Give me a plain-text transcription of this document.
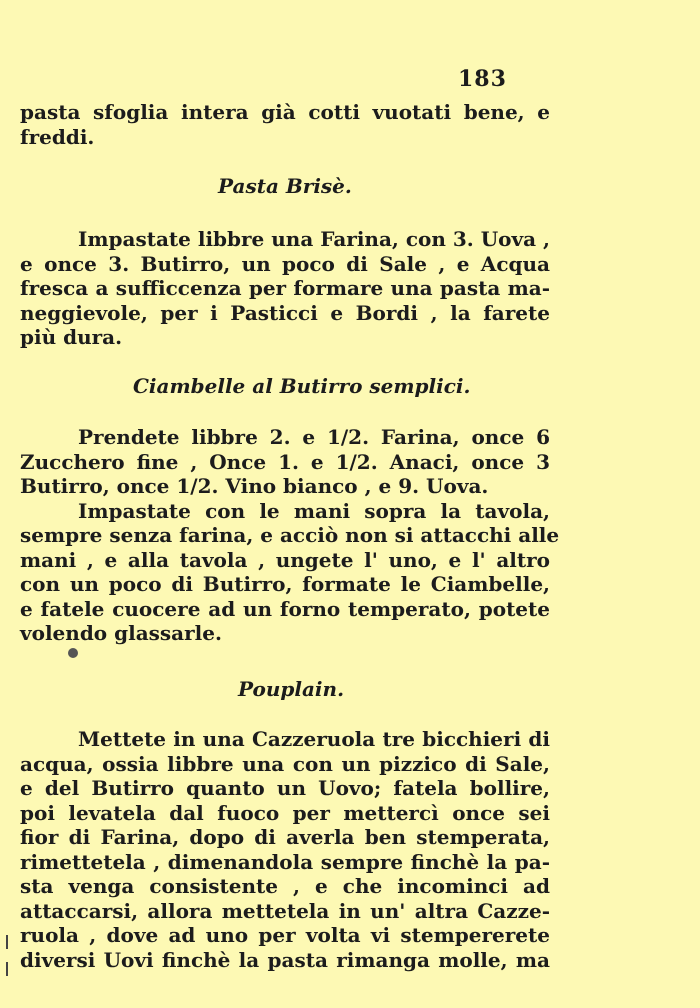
183
pasta sfoglia intera già cotti vuotati bene, e
freddi.
Pasta Brisè.
Impastate libbre una Farina, con 3. Uova ,
e once 3. Butirro, un poco di Sale , e Acqua
fresca a sufficcenza per formare una pasta ma-
neggievole, per i Pasticci e Bordi , la farete
più dura.
Ciambelle al Butirro semplici.
Prendete libbre 2. e 1/2. Farina, once 6
Zucchero fine , Once 1. e 1/2. Anaci, once 3
Butirro, once 1/2. Vino bianco , e 9. Uova.
Impastate con le mani sopra la tavola,
sempre senza farina, e acciò non si attacchi alle
mani , e alla tavola , ungete l' uno, e l' altro
con un poco di Butirro, formate le Ciambelle,
e fatele cuocere ad un forno temperato, potete
volendo glassarle.
Pouplain.
Mettete in una Cazzeruola tre bicchieri di
acqua, ossia libbre una con un pizzico di Sale,
e del Butirro quanto un Uovo; fatela bollire,
poi levatela dal fuoco per mettercì once sei
fior di Farina, dopo di averla ben stemperata,
rimettetela , dimenandola sempre finchè la pa-
sta venga consistente , e che incominci ad
attaccarsi, allora mettetela in un' altra Cazze-
ruola , dove ad uno per volta vi stempererete
diversi Uovi finchè la pasta rimanga molle, ma
